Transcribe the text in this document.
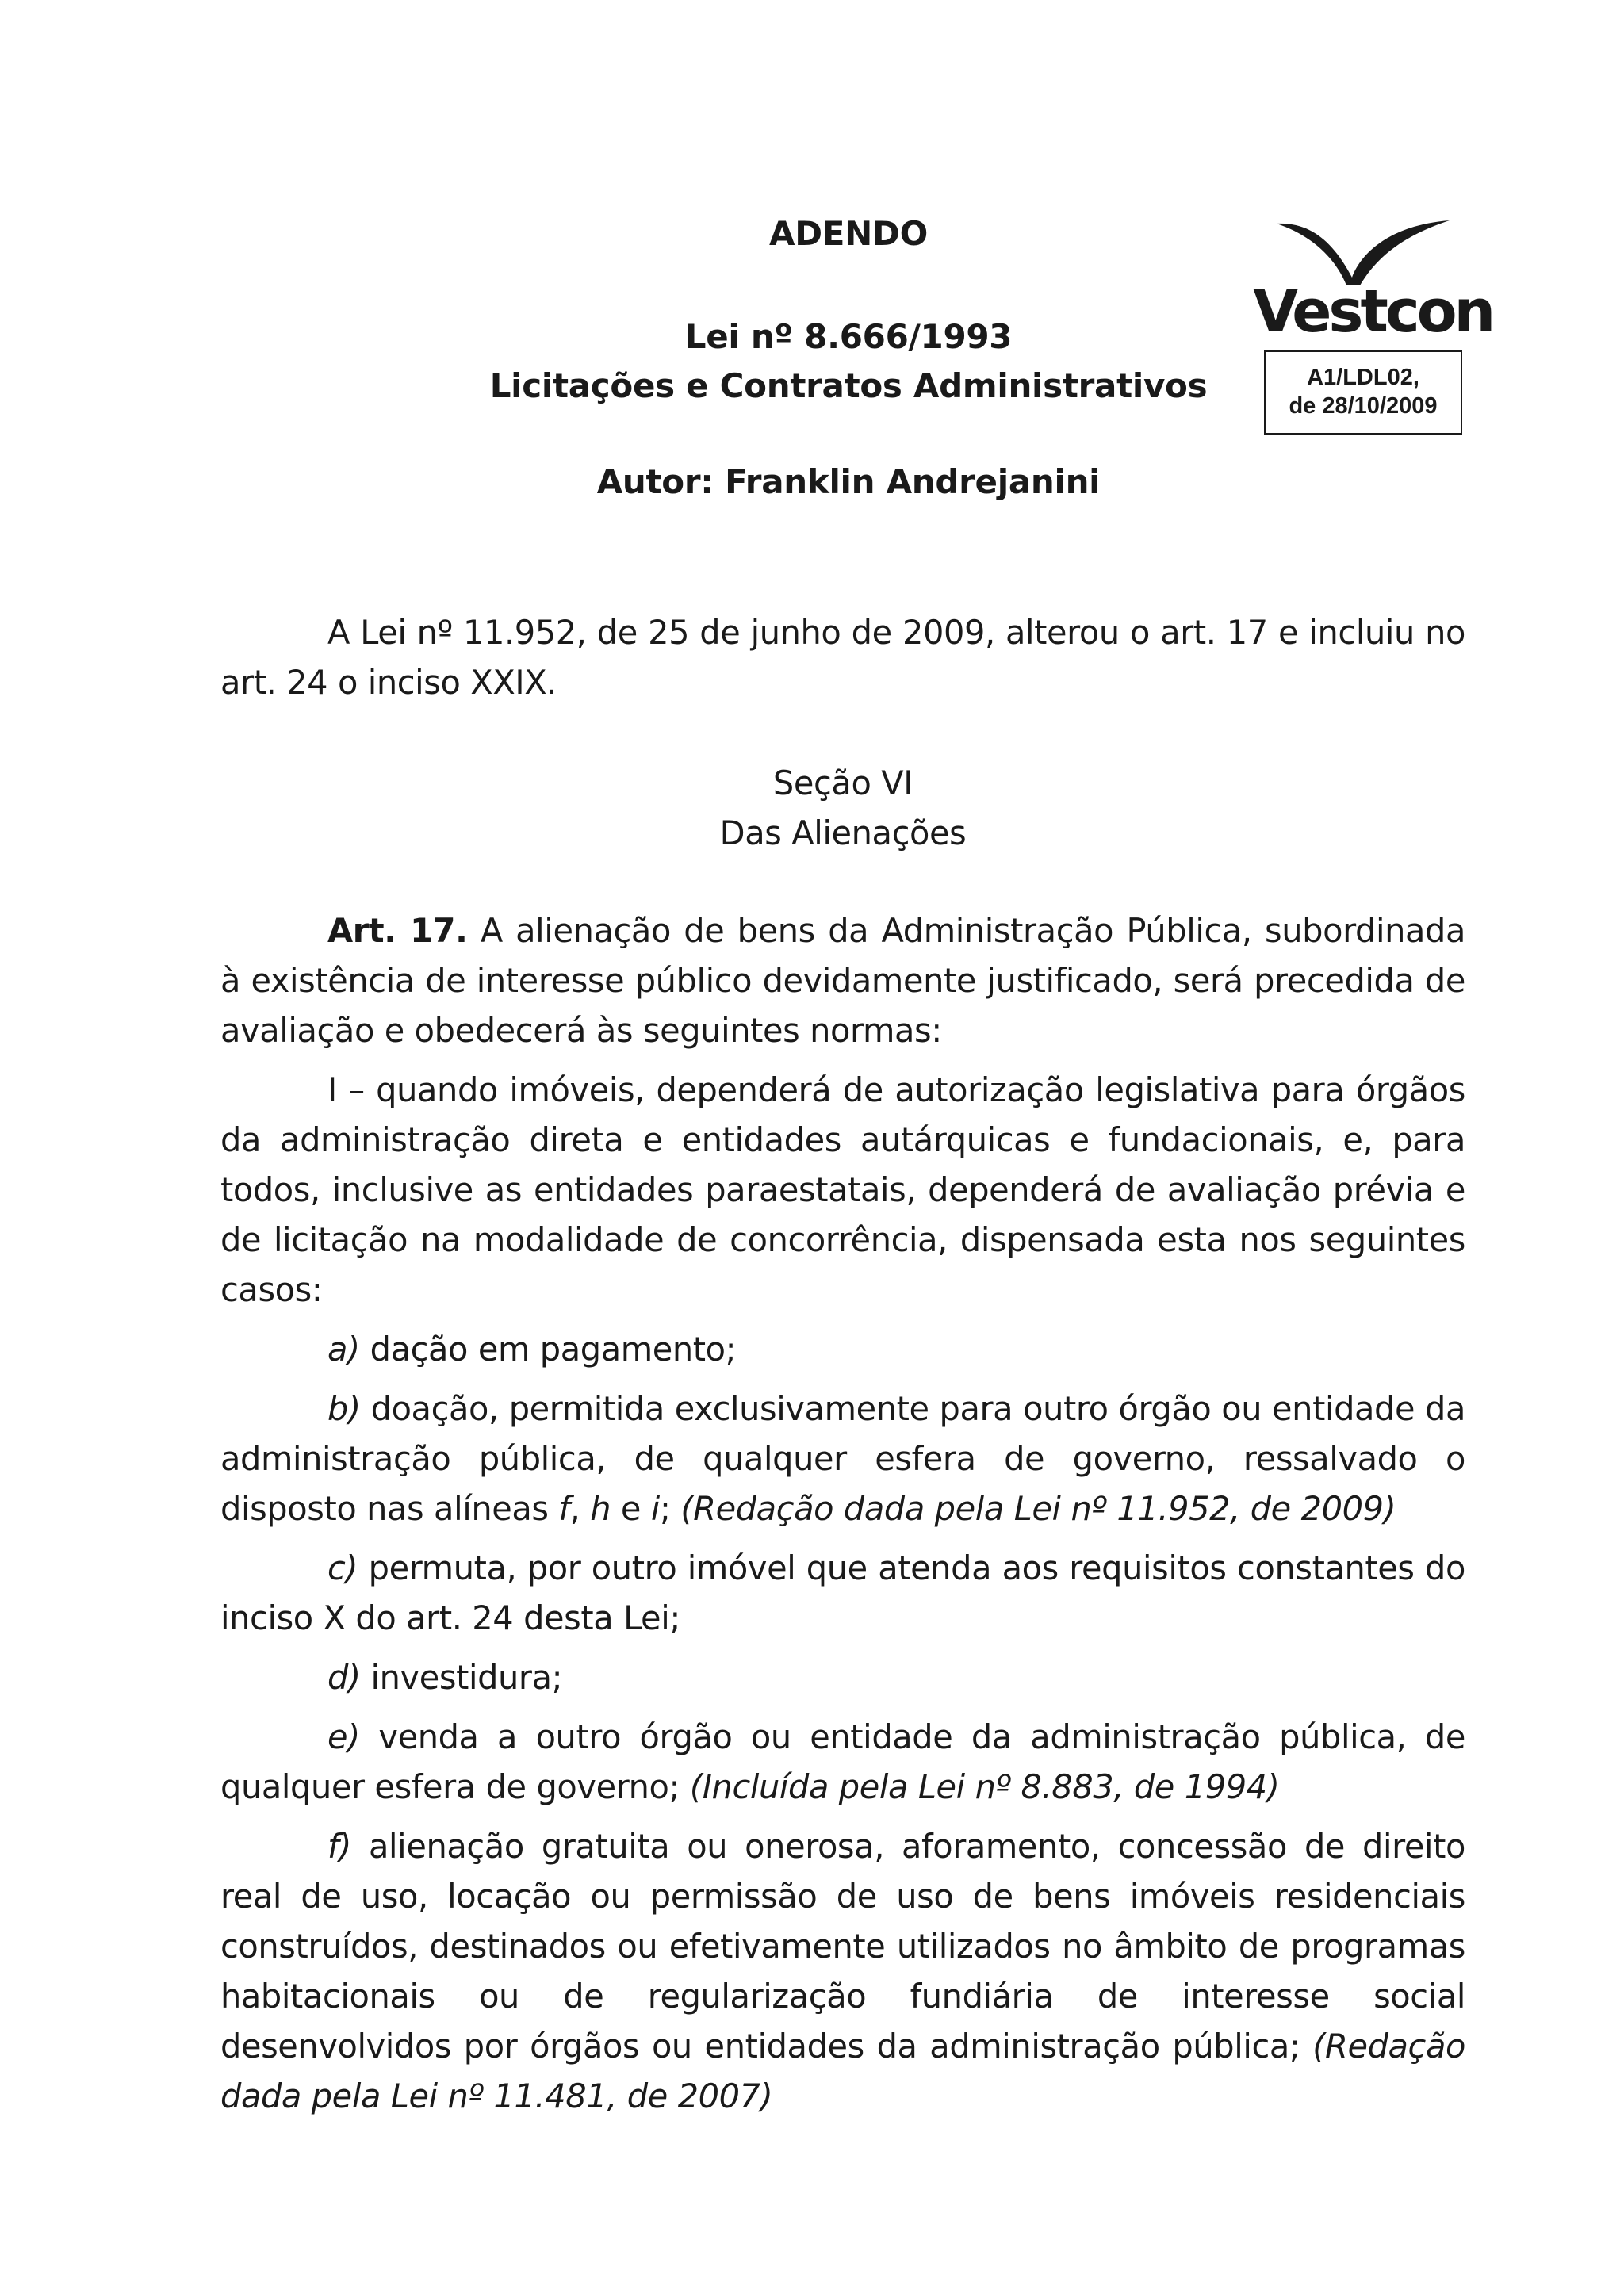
ADENDO
Lei nº 8.666/1993
Licitações e Contratos Administrativos
Autor: Franklin Andrejanini
Vestcon
A1/LDL02,
de 28/10/2009

A Lei nº 11.952, de 25 de junho de 2009, alterou o art. 17 e incluiu no art. 24 o inciso XXIX.

Seção VI

Das Alienações

Art. 17. A alienação de bens da Administração Pública, subordinada à existência de interesse público devidamente justificado, será precedida de avaliação e obedecerá às seguintes normas:

I – quando imóveis, dependerá de autorização legislativa para órgãos da administração direta e entidades autárquicas e fundacionais, e, para todos, inclusive as entidades paraestatais, dependerá de avaliação prévia e de licitação na modalidade de concorrência, dispensada esta nos seguintes casos:

a) dação em pagamento;

b) doação, permitida exclusivamente para outro órgão ou entidade da administração pública, de qualquer esfera de governo, ressalvado o disposto nas alíneas f, h e i; (Redação dada pela Lei nº 11.952, de 2009)

c) permuta, por outro imóvel que atenda aos requisitos constantes do inciso X do art. 24 desta Lei;

d) investidura;

e) venda a outro órgão ou entidade da administração pública, de qualquer esfera de governo; (Incluída pela Lei nº 8.883, de 1994)

f) alienação gratuita ou onerosa, aforamento, concessão de direito real de uso, locação ou permissão de uso de bens imóveis residenciais construídos, destinados ou efetivamente utilizados no âmbito de programas habitacionais ou de regularização fundiária de interesse social desenvolvidos por órgãos ou entidades da administração pública; (Redação dada pela Lei nº 11.481, de 2007)
